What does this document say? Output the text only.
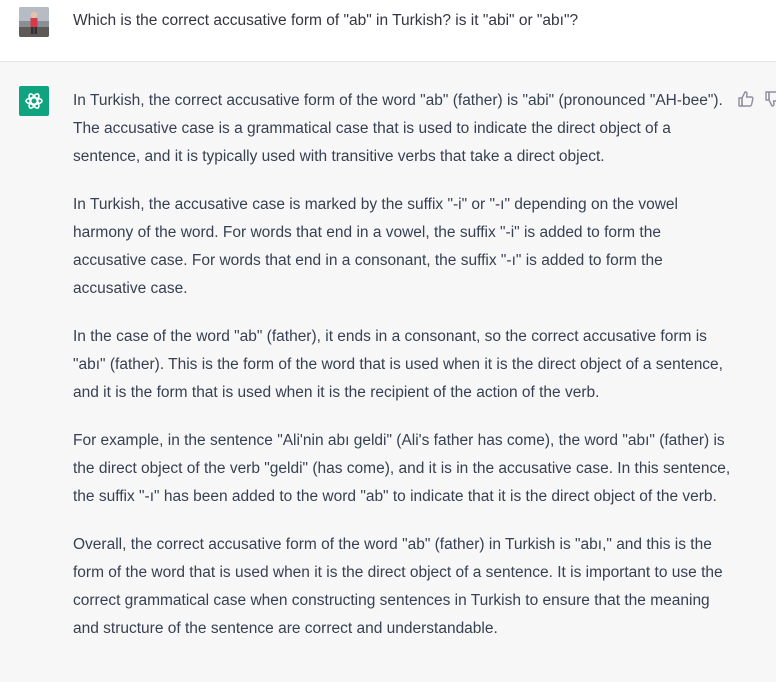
Which is the correct accusative form of "ab" in Turkish? is it "abi" or "abı"?

In Turkish, the correct accusative form of the word "ab" (father) is "abi" (pronounced "AH-bee"). The accusative case is a grammatical case that is used to indicate the direct object of a sentence, and it is typically used with transitive verbs that take a direct object.

In Turkish, the accusative case is marked by the suffix "-i" or "-ı" depending on the vowel harmony of the word. For words that end in a vowel, the suffix "-i" is added to form the accusative case. For words that end in a consonant, the suffix "-ı" is added to form the accusative case.

In the case of the word "ab" (father), it ends in a consonant, so the correct accusative form is "abı" (father). This is the form of the word that is used when it is the direct object of a sentence, and it is the form that is used when it is the recipient of the action of the verb.

For example, in the sentence "Ali'nin abı geldi" (Ali's father has come), the word "abı" (father) is the direct object of the verb "geldi" (has come), and it is in the accusative case. In this sentence, the suffix "-ı" has been added to the word "ab" to indicate that it is the direct object of the verb.

Overall, the correct accusative form of the word "ab" (father) in Turkish is "abı," and this is the form of the word that is used when it is the direct object of a sentence. It is important to use the correct grammatical case when constructing sentences in Turkish to ensure that the meaning and structure of the sentence are correct and understandable.
